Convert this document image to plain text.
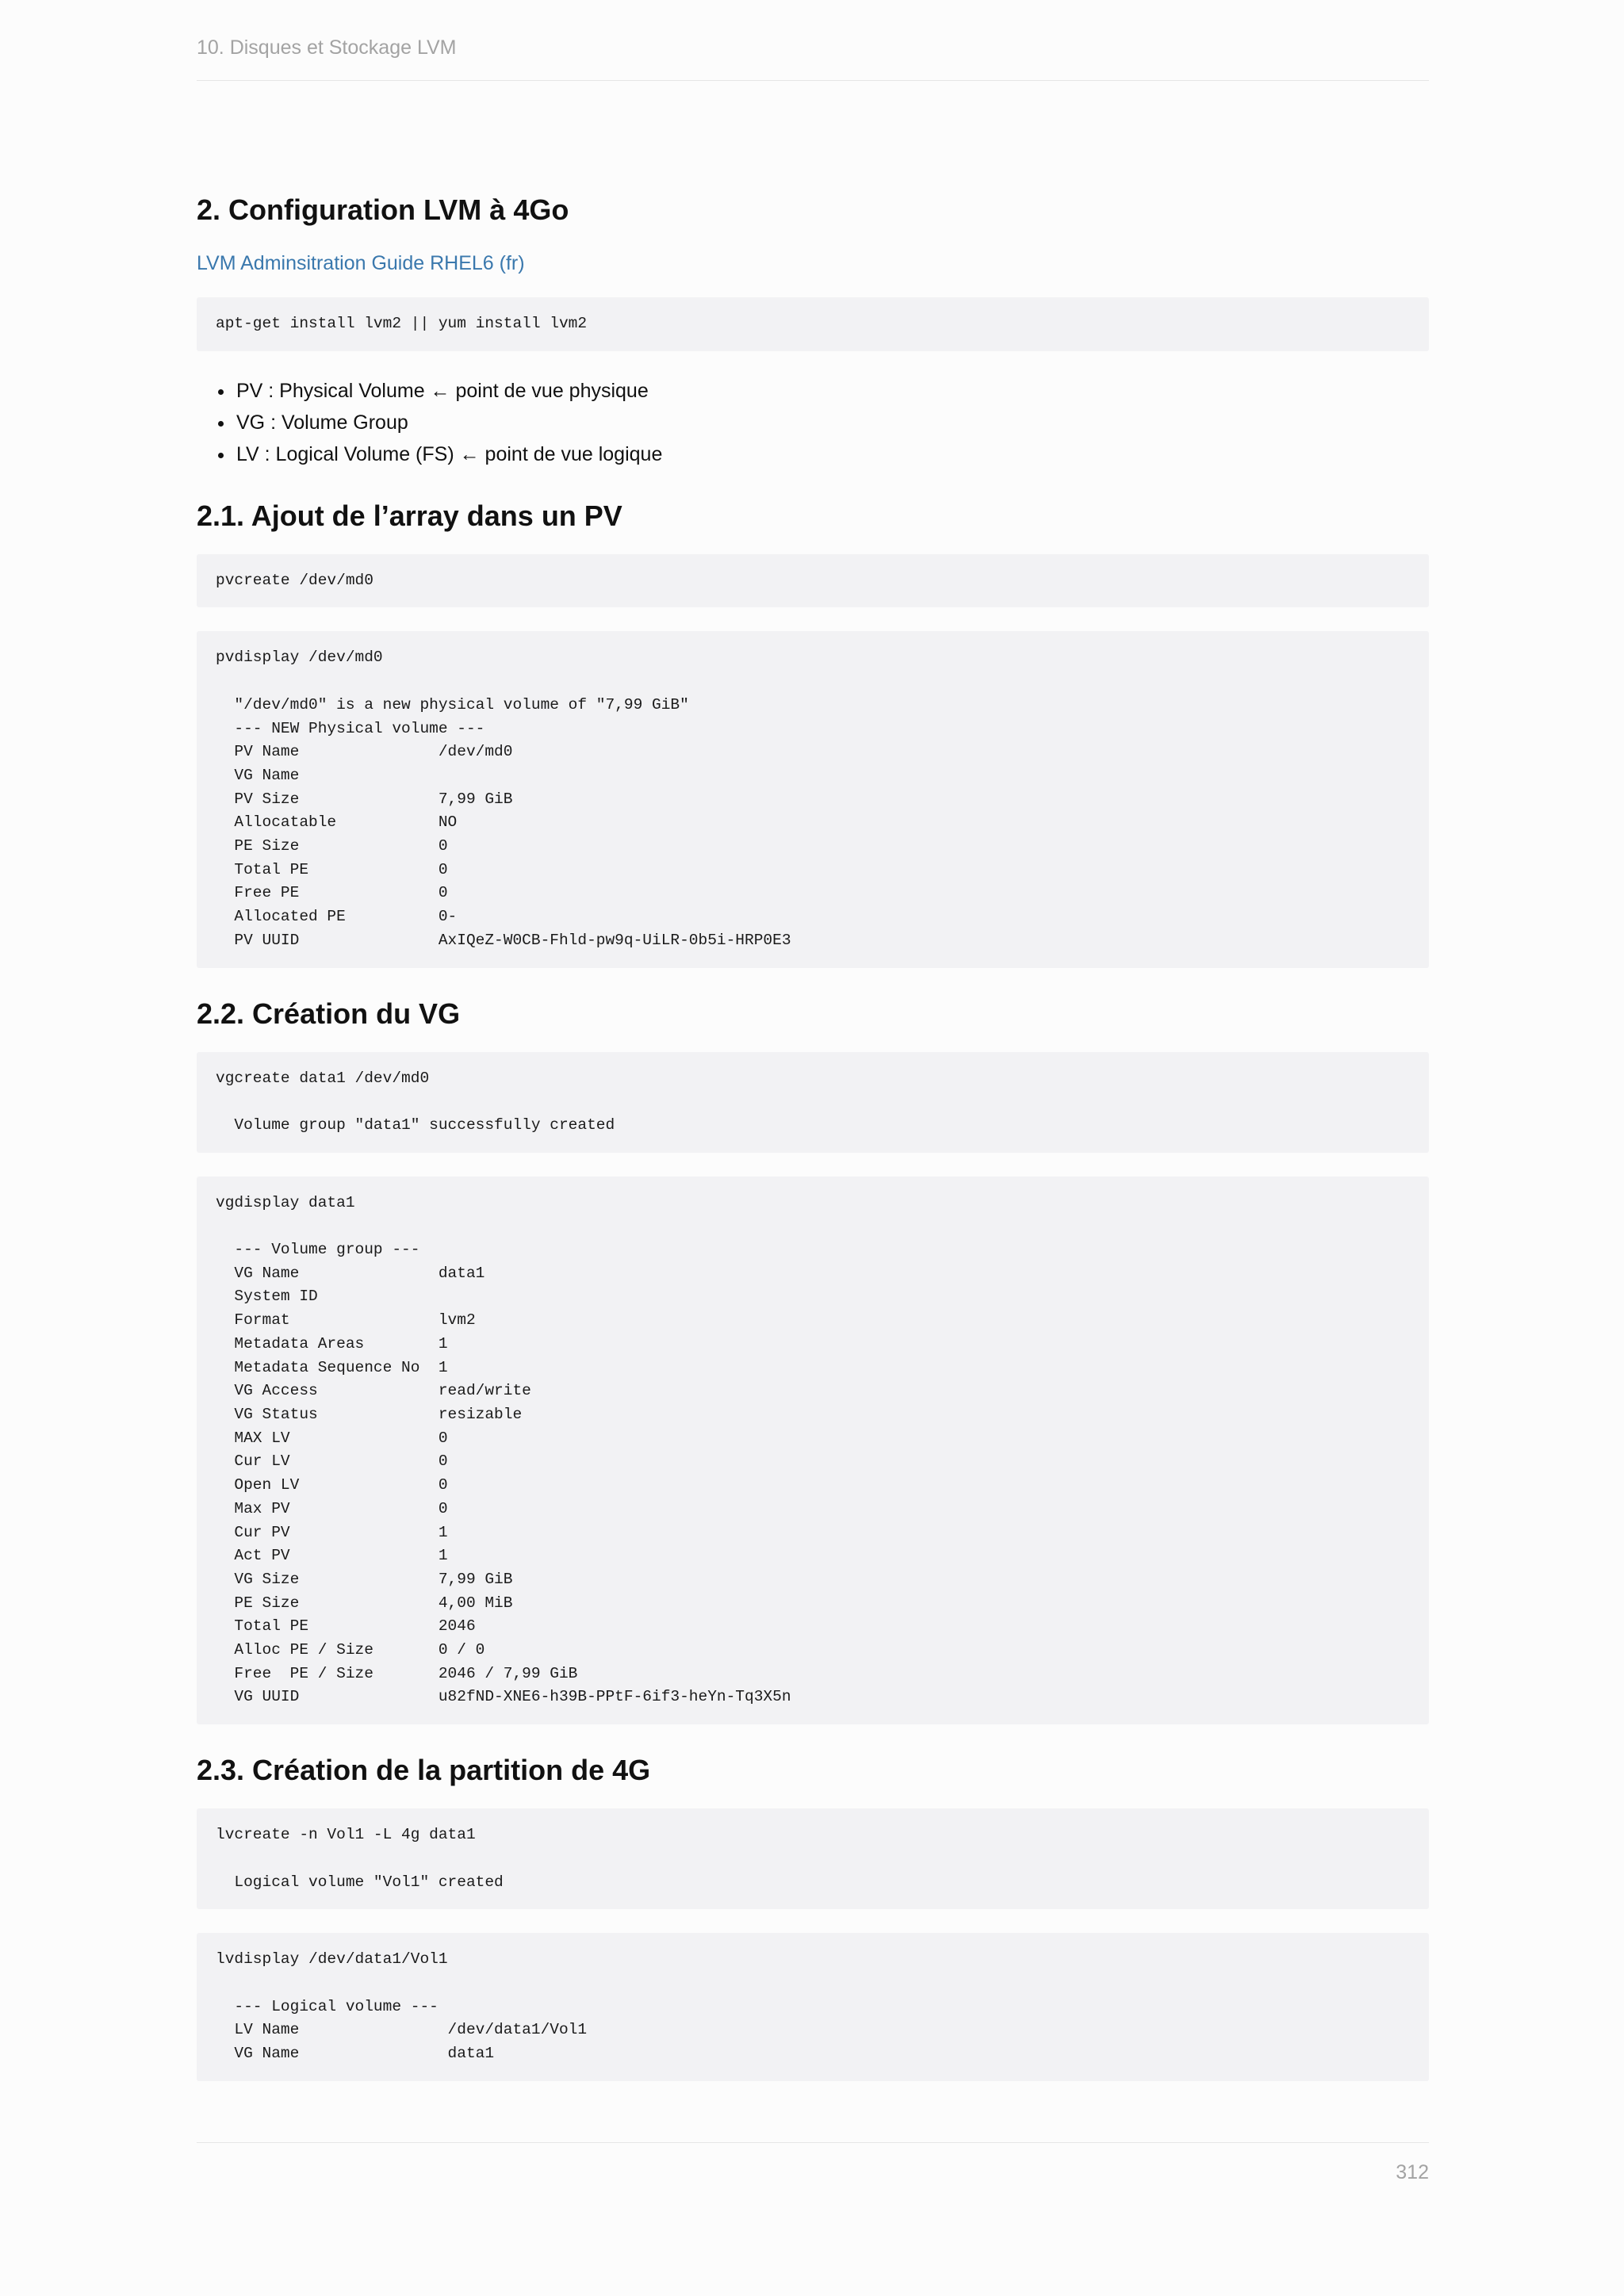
10. Disques et Stockage LVM
2. Configuration LVM à 4Go
LVM Adminsitration Guide RHEL6 (fr)
apt-get install lvm2 || yum install lvm2
• PV : Physical Volume ← point de vue physique
• VG : Volume Group
• LV : Logical Volume (FS) ← point de vue logique
2.1. Ajout de l’array dans un PV
pvcreate /dev/md0
pvdisplay /dev/md0

"/dev/md0" is a new physical volume of "7,99 GiB"
--- NEW Physical volume ---
PV Name               /dev/md0
VG Name
PV Size               7,99 GiB
Allocatable           NO
PE Size               0
Total PE              0
Free PE               0
Allocated PE          0-
PV UUID               AxIQeZ-W0CB-Fhld-pw9q-UiLR-0b5i-HRP0E3
2.2. Création du VG
vgcreate data1 /dev/md0

Volume group "data1" successfully created
vgdisplay data1

--- Volume group ---
VG Name               data1
System ID
Format                lvm2
Metadata Areas        1
Metadata Sequence No  1
VG Access             read/write
VG Status             resizable
MAX LV                0
Cur LV                0
Open LV               0
Max PV                0
Cur PV                1
Act PV                1
VG Size               7,99 GiB
PE Size               4,00 MiB
Total PE              2046
Alloc PE / Size       0 / 0
Free  PE / Size       2046 / 7,99 GiB
VG UUID               u82fND-XNE6-h39B-PPtF-6if3-heYn-Tq3X5n
2.3. Création de la partition de 4G
lvcreate -n Vol1 -L 4g data1

Logical volume "Vol1" created
lvdisplay /dev/data1/Vol1

--- Logical volume ---
LV Name                /dev/data1/Vol1
VG Name                data1
312
